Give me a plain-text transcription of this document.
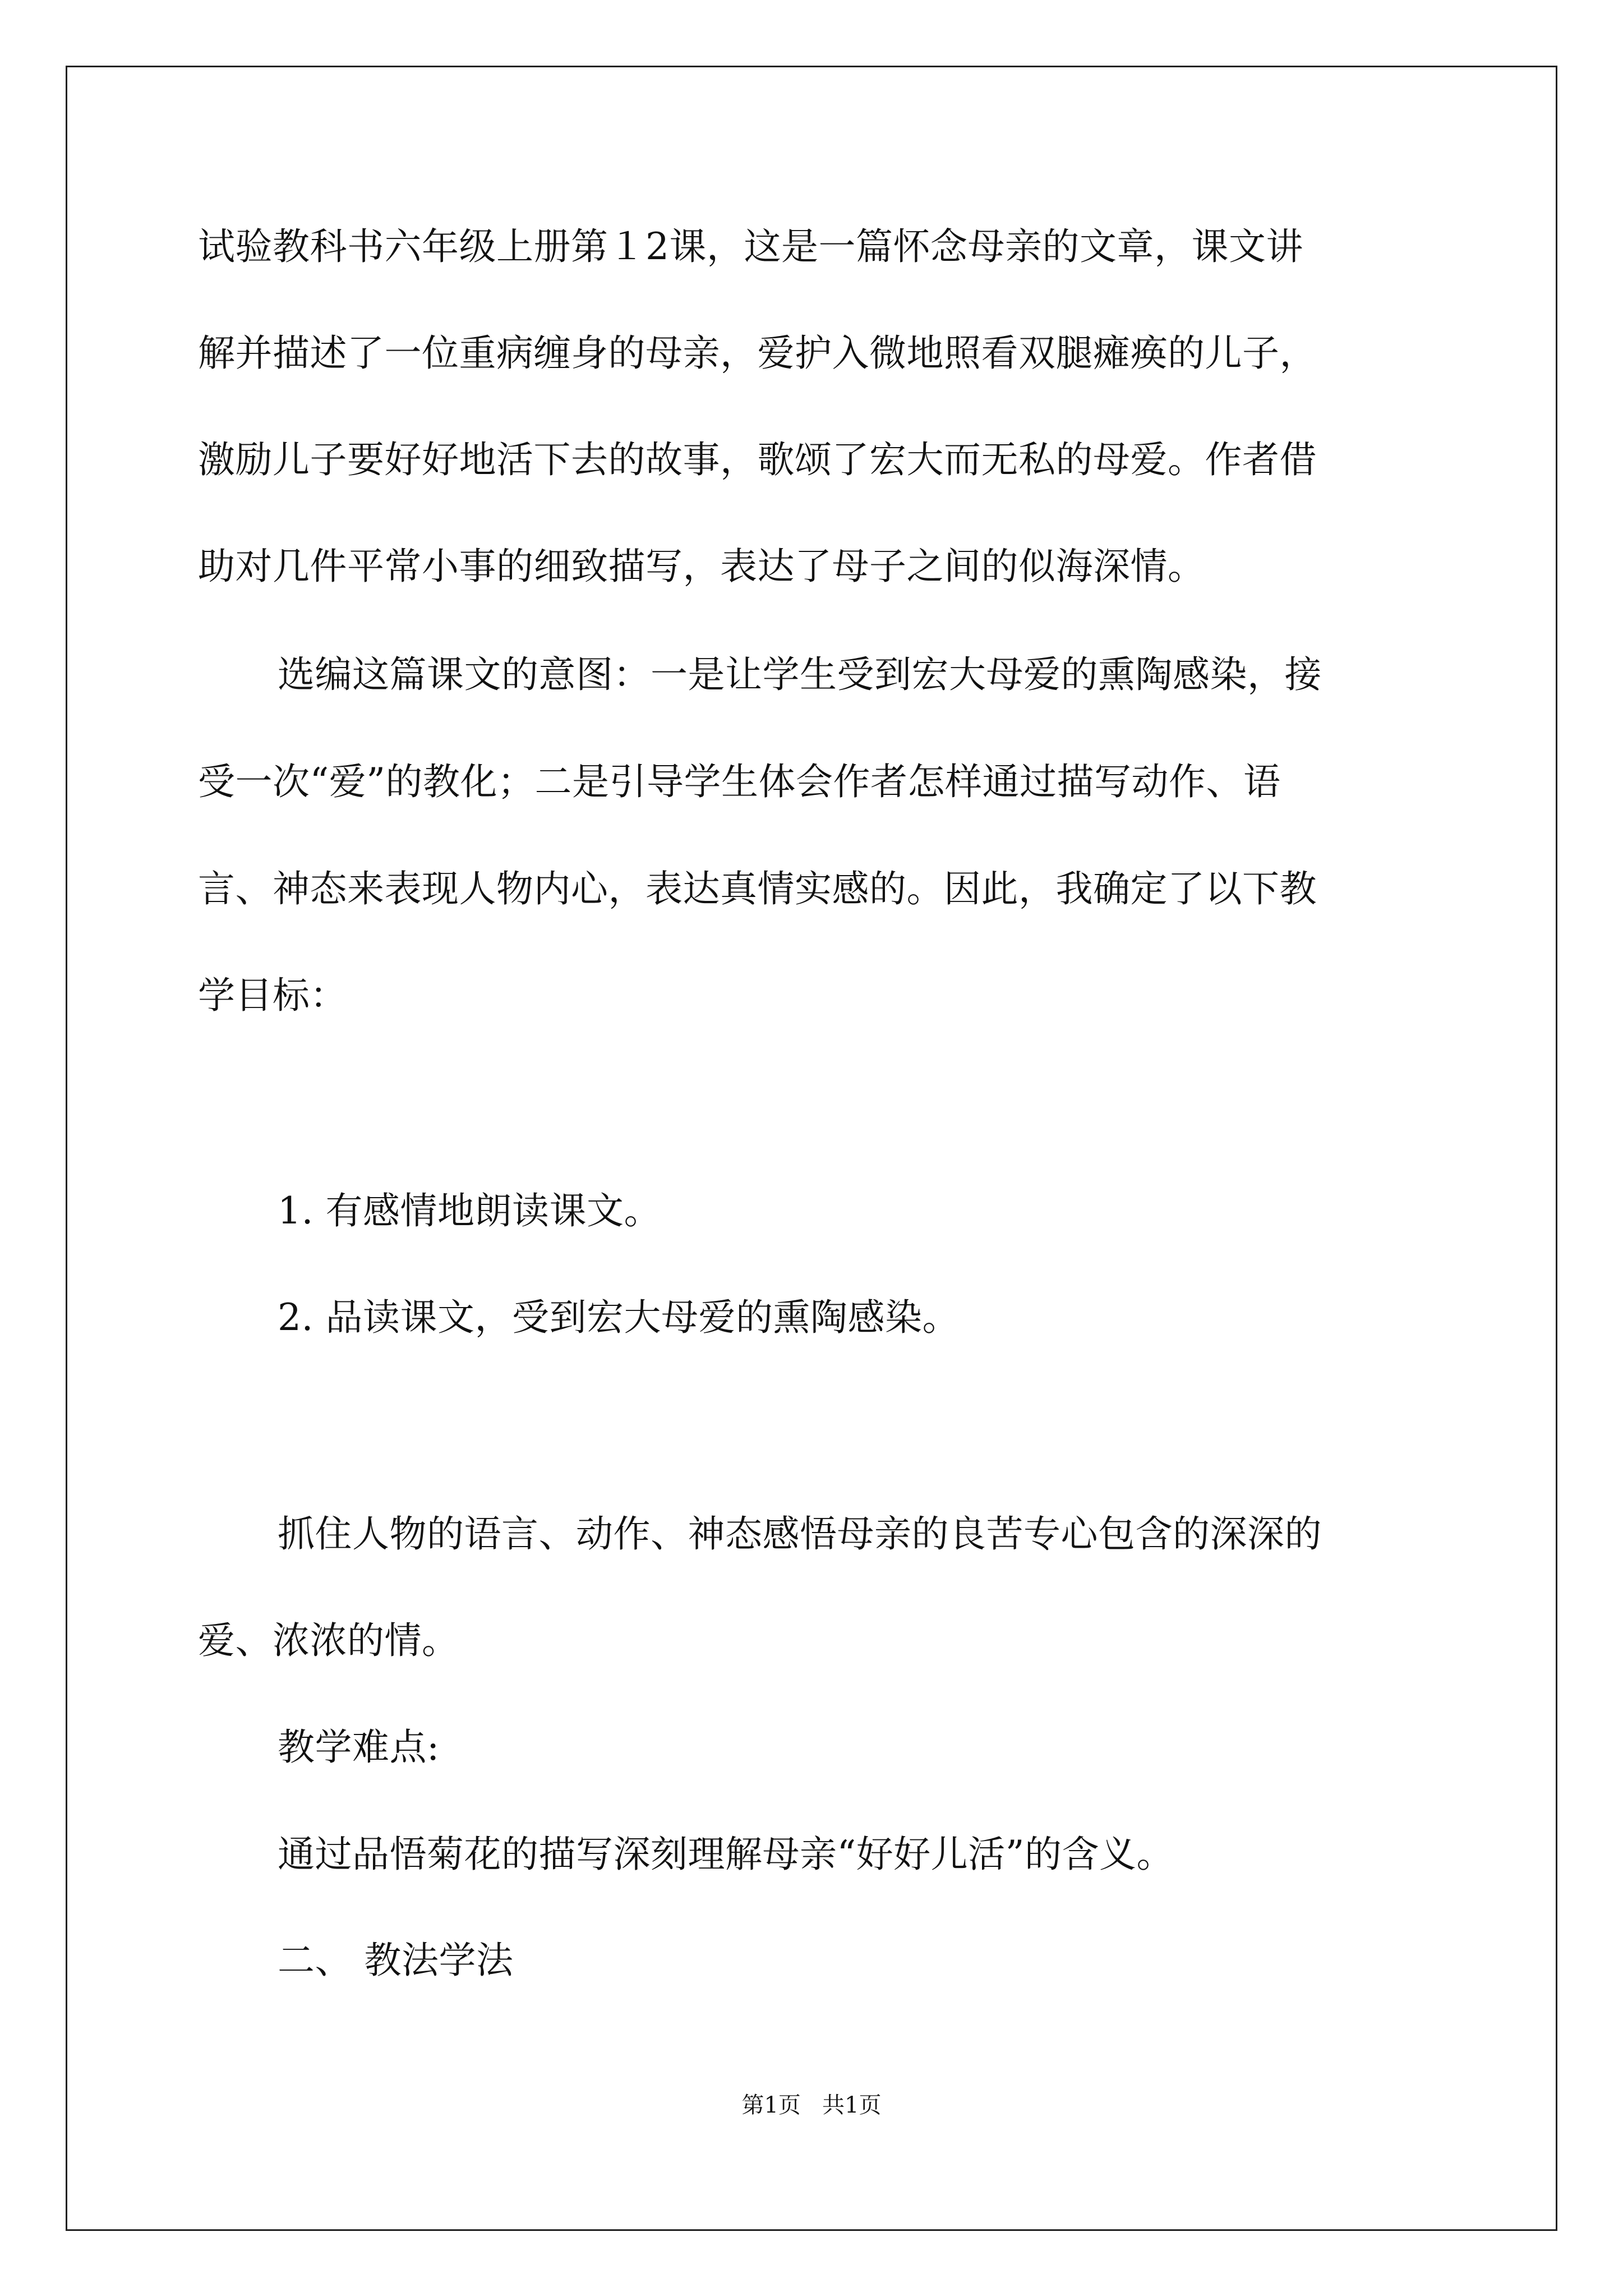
试验教科书六年级上册第１2课，这是一篇怀念母亲的文章，课文讲
解并描述了一位重病缠身的母亲，爱护入微地照看双腿瘫痪的儿子，
激励儿子要好好地活下去的故事，歌颂了宏大而无私的母爱。作者借
助对几件平常小事的细致描写，表达了母子之间的似海深情。
选编这篇课文的意图：一是让学生受到宏大母爱的熏陶感染，接
受一次“爱”的教化；二是引导学生体会作者怎样通过描写动作、语
言、神态来表现人物内心，表达真情实感的。因此，我确定了以下教
学目标：
1. 有感情地朗读课文。
2. 品读课文，受到宏大母爱的熏陶感染。
抓住人物的语言、动作、神态感悟母亲的良苦专心包含的深深的
爱、浓浓的情。
教学难点:
通过品悟菊花的描写深刻理解母亲“好好儿活”的含义。
二、 教法学法
第1页   共1页
